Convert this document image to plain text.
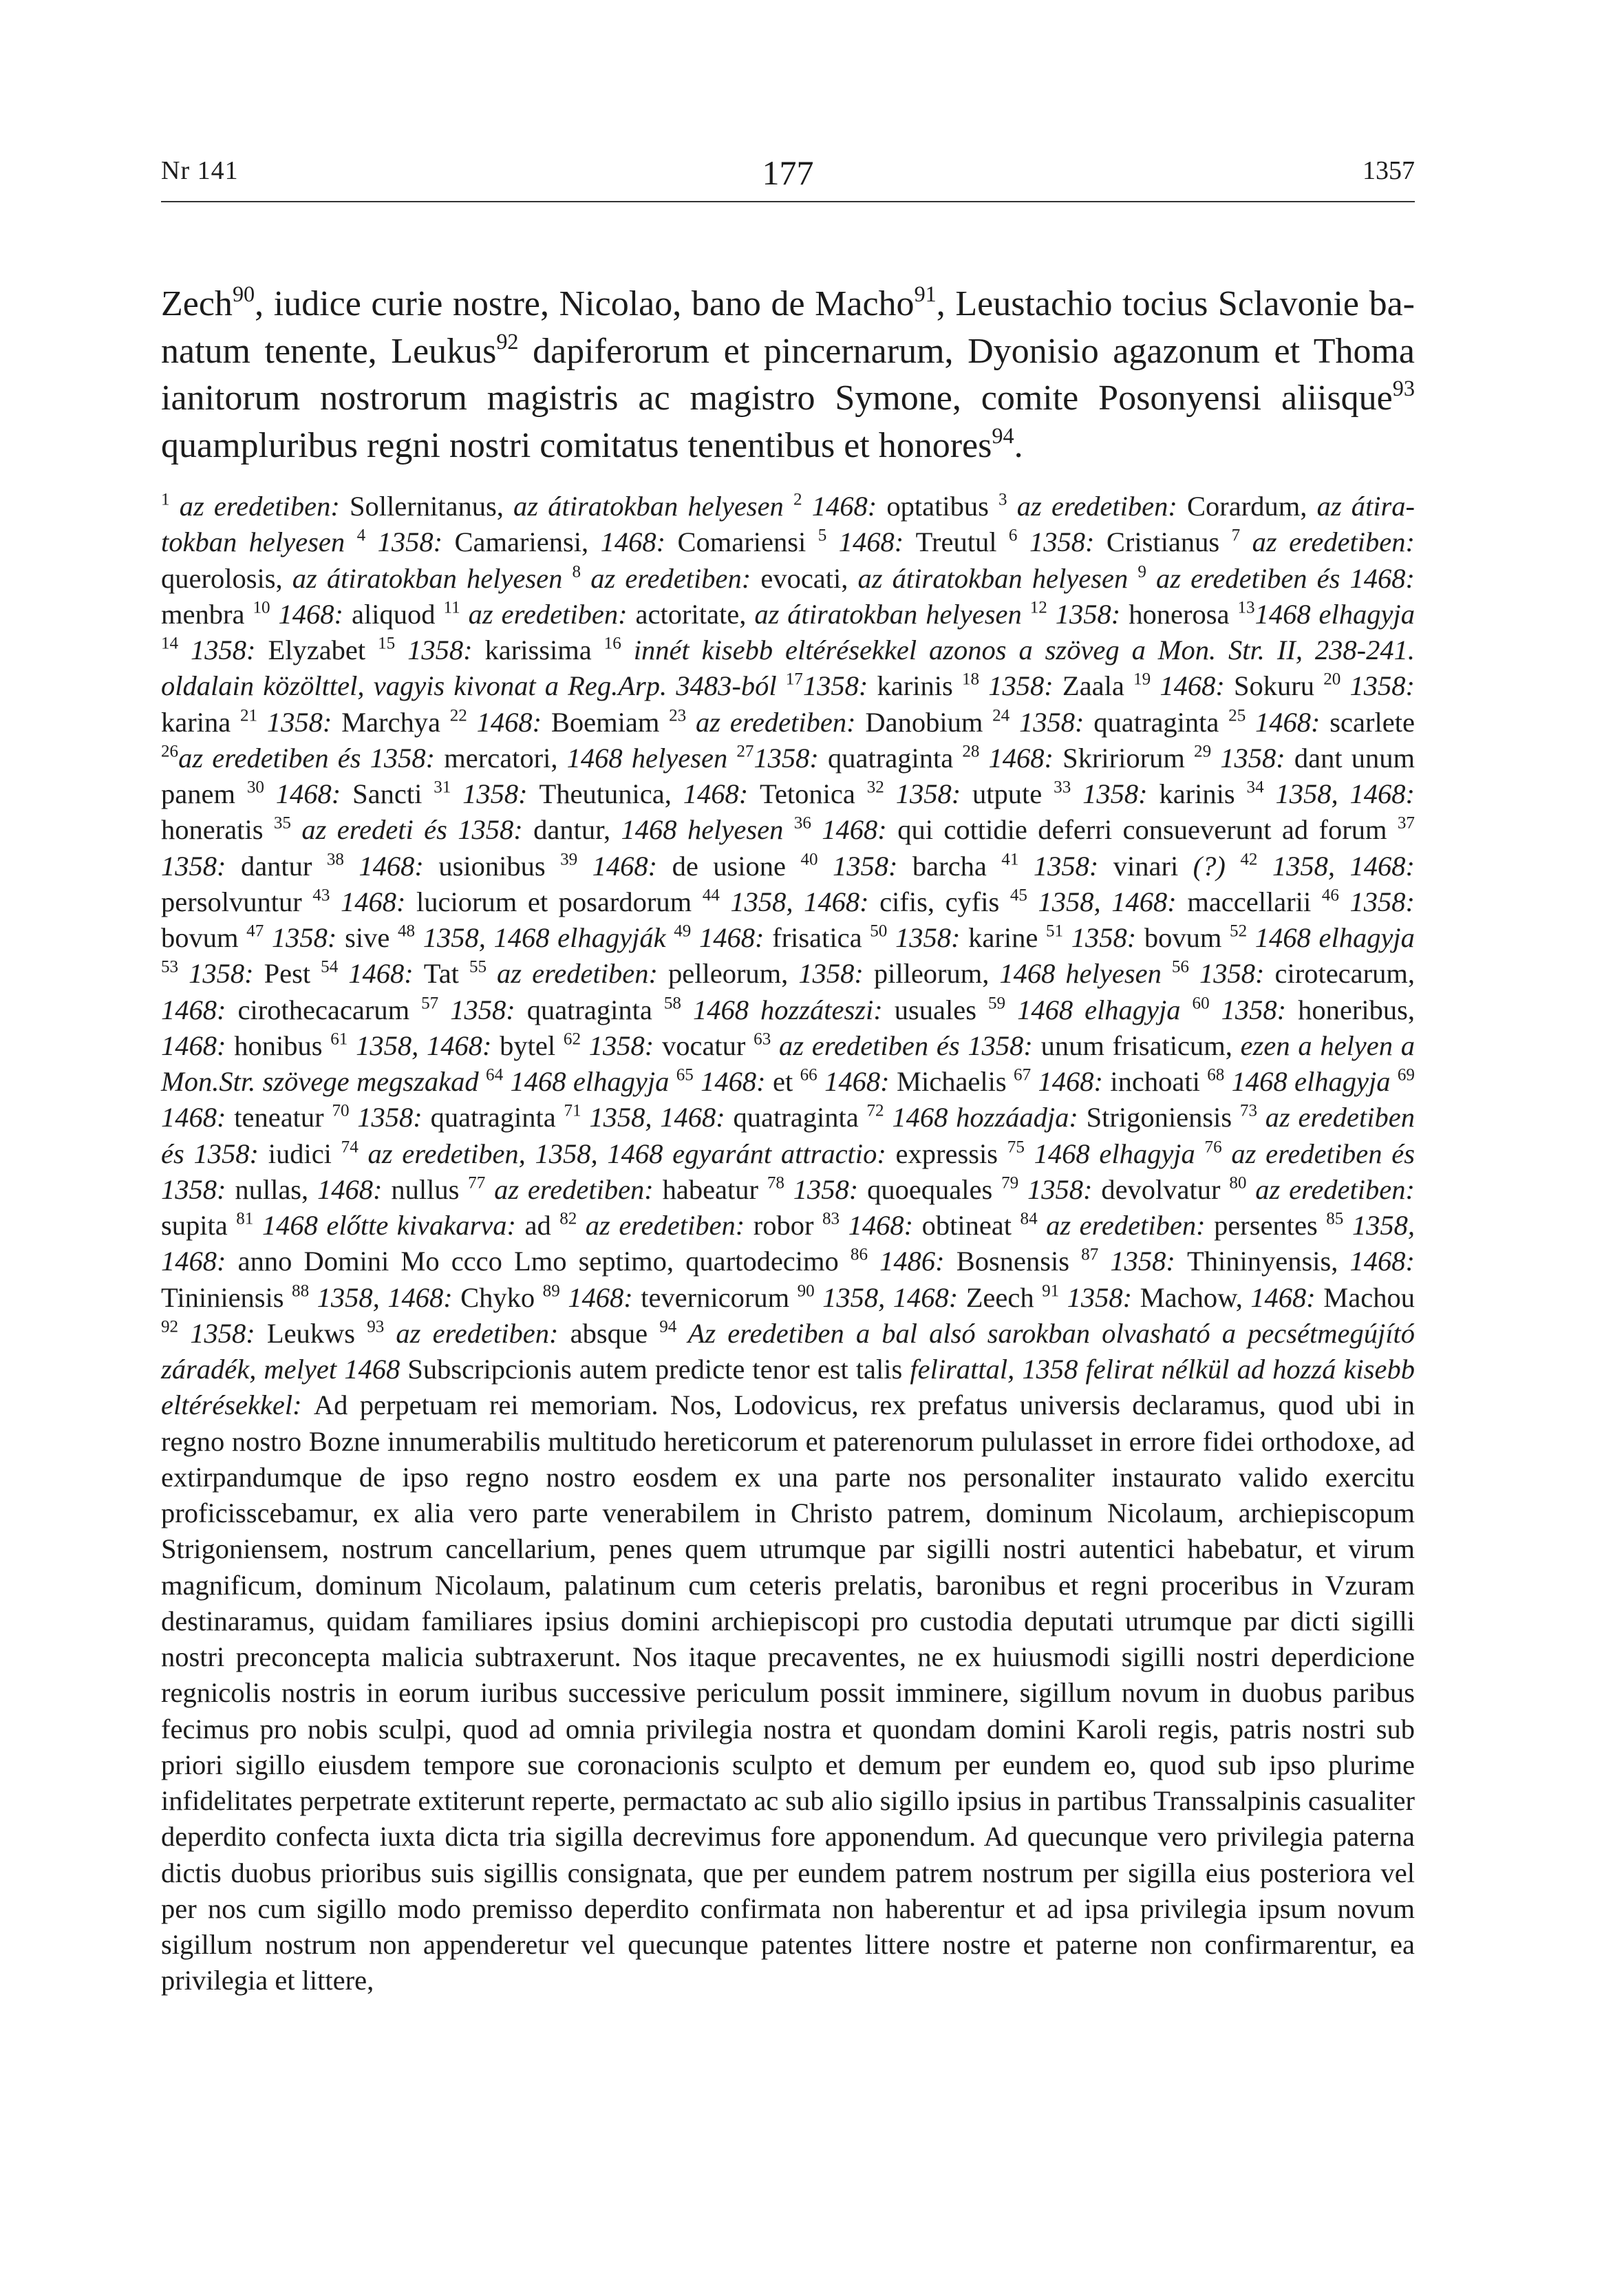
Nr 141	177	1357

Zech$^{90}$, iudice curie nostre, Nicolao, bano de Macho$^{91}$, Leustachio tocius Sclavonie banatum tenente, Leukus$^{92}$ dapiferorum et pincernarum, Dyonisio agazonum et Thoma ianitorum nostrorum magistris ac magistro Symone, comite Posonyensi aliisque$^{93}$ quampluribus regni nostri comitatus tenentibus et honores$^{94}$.

$^1$ az eredetiben: Sollernitanus, az átiratokban helyesen $^2$ 1468: optatibus $^3$ az eredetiben: Corardum, az átiratokban helyesen $^4$ 1358: Camariensi, 1468: Comariensi $^5$ 1468: Treutul $^6$ 1358: Cristianus $^7$ az eredetiben: querolosis, az átiratokban helyesen $^8$ az eredetiben: evocati, az átiratokban helyesen $^9$ az eredetiben és 1468: menbra $^{10}$ 1468: aliquod $^{11}$ az eredetiben: actoritate, az átiratokban helyesen $^{12}$ 1358: honerosa $^{13}$1468 elhagyja $^{14}$ 1358: Elyzabet $^{15}$ 1358: karissima $^{16}$ innét kisebb eltérésekkel azonos a szöveg a Mon. Str. II, 238-241. oldalain közölttel, vagyis kivonat a Reg.Arp. 3483-ból $^{17}$1358: karinis $^{18}$ 1358: Zaala $^{19}$ 1468: Sokuru $^{20}$ 1358: karina $^{21}$ 1358: Marchya $^{22}$ 1468: Boemiam $^{23}$ az eredetiben: Danobium $^{24}$ 1358: quatraginta $^{25}$ 1468: scarlete $^{26}$az eredetiben és 1358: mercatori, 1468 helyesen $^{27}$1358: quatraginta $^{28}$ 1468: Skririorum $^{29}$ 1358: dant unum panem $^{30}$ 1468: Sancti $^{31}$ 1358: Theutunica, 1468: Tetonica $^{32}$ 1358: utpute $^{33}$ 1358: karinis $^{34}$ 1358, 1468: honeratis $^{35}$ az eredeti és 1358: dantur, 1468 helyesen $^{36}$ 1468: qui cottidie deferri consueverunt ad forum $^{37}$ 1358: dantur $^{38}$ 1468: usionibus $^{39}$ 1468: de usione $^{40}$ 1358: barcha $^{41}$ 1358: vinari (?) $^{42}$ 1358, 1468: persolvuntur $^{43}$ 1468: luciorum et posardorum $^{44}$ 1358, 1468: cifis, cyfis $^{45}$ 1358, 1468: maccellarii $^{46}$ 1358: bovum $^{47}$ 1358: sive $^{48}$ 1358, 1468 elhagyják $^{49}$ 1468: frisatica $^{50}$ 1358: karine $^{51}$ 1358: bovum $^{52}$ 1468 elhagyja $^{53}$ 1358: Pest $^{54}$ 1468: Tat $^{55}$ az eredetiben: pelleorum, 1358: pilleorum, 1468 helyesen $^{56}$ 1358: cirotecarum, 1468: cirothecacarum $^{57}$ 1358: quatraginta $^{58}$ 1468 hozzáteszi: usuales $^{59}$ 1468 elhagyja $^{60}$ 1358: honeribus, 1468: honibus $^{61}$ 1358, 1468: bytel $^{62}$ 1358: vocatur $^{63}$ az eredetiben és 1358: unum frisaticum, ezen a helyen a Mon.Str. szövege megszakad $^{64}$ 1468 elhagyja $^{65}$ 1468: et $^{66}$ 1468: Michaelis $^{67}$ 1468: inchoati $^{68}$ 1468 elhagyja $^{69}$ 1468: teneatur $^{70}$ 1358: quatraginta $^{71}$ 1358, 1468: quatraginta $^{72}$ 1468 hozzáadja: Strigoniensis $^{73}$ az eredetiben és 1358: iudici $^{74}$ az eredetiben, 1358, 1468 egyaránt attractio: expressis $^{75}$ 1468 elhagyja $^{76}$ az eredetiben és 1358: nullas, 1468: nullus $^{77}$ az eredetiben: habeatur $^{78}$ 1358: quoequales $^{79}$ 1358: devolvatur $^{80}$ az eredetiben: supita $^{81}$ 1468 előtte kivakarva: ad $^{82}$ az eredetiben: robor $^{83}$ 1468: obtineat $^{84}$ az eredetiben: persentes $^{85}$ 1358, 1468: anno Domini Mo ccco Lmo septimo, quartodecimo $^{86}$ 1486: Bosnensis $^{87}$ 1358: Thininyensis, 1468: Tininiensis $^{88}$ 1358, 1468: Chyko $^{89}$ 1468: tevernicorum $^{90}$ 1358, 1468: Zeech $^{91}$ 1358: Machow, 1468: Machou $^{92}$ 1358: Leukws $^{93}$ az eredetiben: absque $^{94}$ Az eredetiben a bal alsó sarokban olvasható a pecsétmegújító záradék, melyet 1468 Subscripcionis autem predicte tenor est talis felirattal, 1358 felirat nélkül ad hozzá kisebb eltérésekkel: Ad perpetuam rei memoriam. Nos, Lodovicus, rex prefatus universis declaramus, quod ubi in regno nostro Bozne innumerabilis multitudo hereticorum et paterenorum pululasset in errore fidei orthodoxe, ad extirpandumque de ipso regno nostro eosdem ex una parte nos personaliter instaurato valido exercitu proficisscebamur, ex alia vero parte venerabilem in Christo patrem, dominum Nicolaum, archiepiscopum Strigoniensem, nostrum cancellarium, penes quem utrumque par sigilli nostri autentici habebatur, et virum magnificum, dominum Nicolaum, palatinum cum ceteris prelatis, baronibus et regni proceribus in Vzuram destinaramus, quidam familiares ipsius domini archiepiscopi pro custodia deputati utrumque par dicti sigilli nostri preconcepta malicia subtraxerunt. Nos itaque precaventes, ne ex huiusmodi sigilli nostri deperdicione regnicolis nostris in eorum iuribus successive periculum possit imminere, sigillum novum in duobus paribus fecimus pro nobis sculpi, quod ad omnia privilegia nostra et quondam domini Karoli regis, patris nostri sub priori sigillo eiusdem tempore sue coronacionis sculpto et demum per eundem eo, quod sub ipso plurime infidelitates perpetrate extiterunt reperte, permactato ac sub alio sigillo ipsius in partibus Transsalpinis casualiter deperdito confecta iuxta dicta tria sigilla decrevimus fore apponendum. Ad quecunque vero privilegia paterna dictis duobus prioribus suis sigillis consignata, que per eundem patrem nostrum per sigilla eius posteriora vel per nos cum sigillo modo premisso deperdito confirmata non haberentur et ad ipsa privilegia ipsum novum sigillum nostrum non appenderetur vel quecunque patentes littere nostre et paterne non confirmarentur, ea privilegia et littere,
